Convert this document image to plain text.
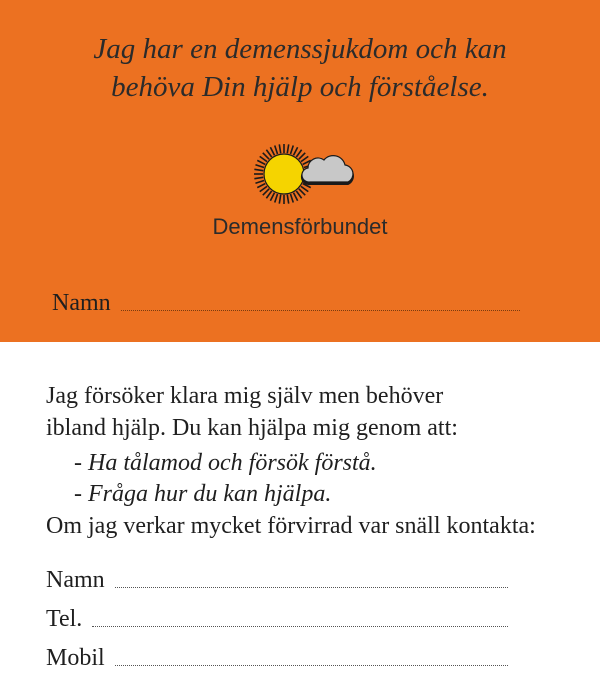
Jag har en demenssjukdom och kan
behöva Din hjälp och förståelse.
Demensförbundet
Namn

Jag försöker klara mig själv men behöver

ibland hjälp. Du kan hjälpa mig genom att:

- Ha tålamod och försök förstå.
- Fråga hur du kan hjälpa.

Om jag verkar mycket förvirrad var snäll kontakta:

Namn
Tel.
Mobil
